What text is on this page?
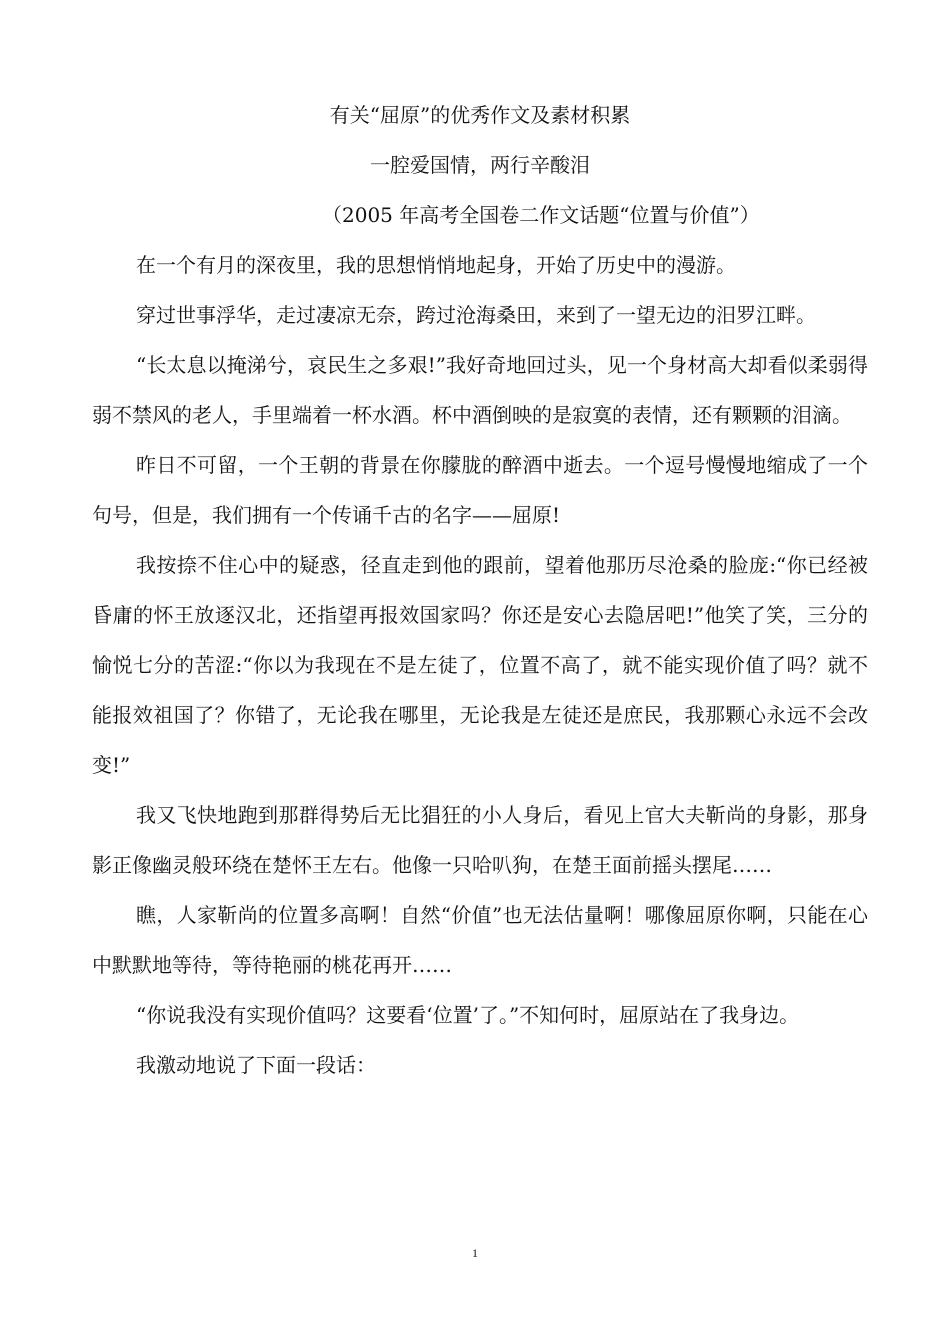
有关“屈原”的优秀作文及素材积累
一腔爱国情，两行辛酸泪
（2005 年高考全国卷二作文话题“位置与价值”）

在一个有月的深夜里，我的思想悄悄地起身，开始了历史中的漫游。

穿过世事浮华，走过凄凉无奈，跨过沧海桑田，来到了一望无边的汨罗江畔。

“长太息以掩涕兮，哀民生之多艰!”我好奇地回过头，见一个身材高大却看似柔弱得弱不禁风的老人，手里端着一杯水酒。杯中酒倒映的是寂寞的表情，还有颗颗的泪滴。

昨日不可留，一个王朝的背景在你朦胧的醉酒中逝去。一个逗号慢慢地缩成了一个句号，但是，我们拥有一个传诵千古的名字——屈原!

我按捺不住心中的疑惑，径直走到他的跟前，望着他那历尽沧桑的脸庞:“你已经被昏庸的怀王放逐汉北，还指望再报效国家吗？你还是安心去隐居吧!”他笑了笑，三分的愉悦七分的苦涩:“你以为我现在不是左徒了，位置不高了，就不能实现价值了吗？就不能报效祖国了？你错了，无论我在哪里，无论我是左徒还是庶民，我那颗心永远不会改变!”

我又飞快地跑到那群得势后无比猖狂的小人身后，看见上官大夫靳尚的身影，那身影正像幽灵般环绕在楚怀王左右。他像一只哈叭狗，在楚王面前摇头摆尾……

瞧，人家靳尚的位置多高啊！自然“价值”也无法估量啊！哪像屈原你啊，只能在心中默默地等待，等待艳丽的桃花再开……

“你说我没有实现价值吗？这要看‘位置’了。”不知何时，屈原站在了我身边。

我激动地说了下面一段话：

1
